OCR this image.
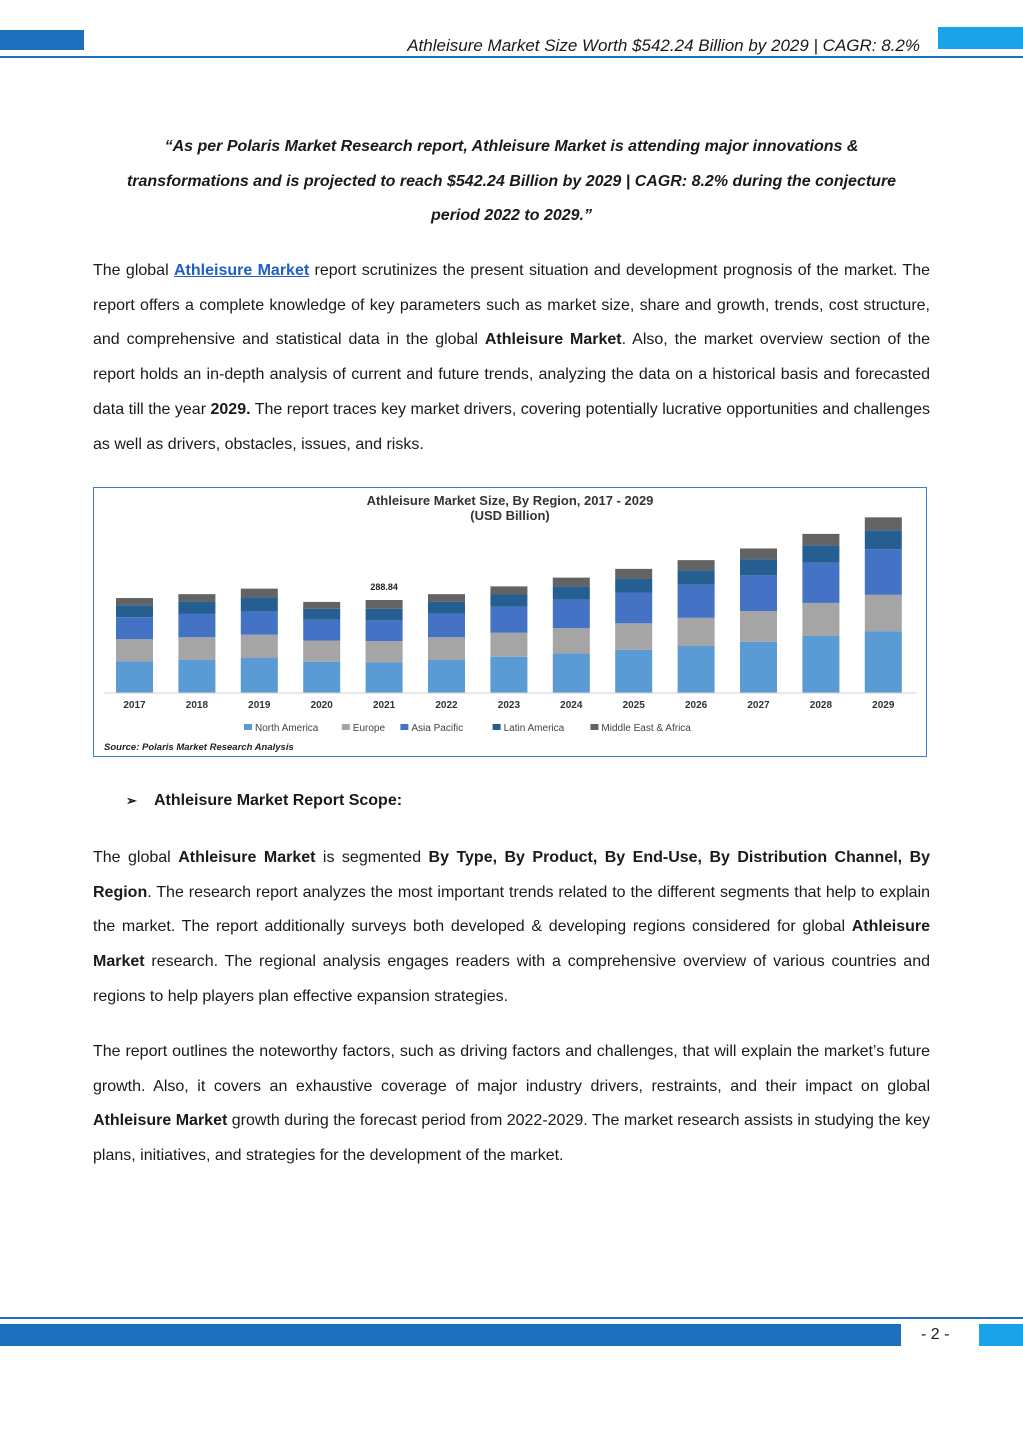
Athleisure Market Size Worth $542.24 Billion by 2029 | CAGR: 8.2%
“As per Polaris Market Research report, Athleisure Market is attending major innovations &
transformations and is projected to reach $542.24 Billion by 2029 | CAGR: 8.2% during the conjecture
period 2022 to 2029.”
The global Athleisure Market report scrutinizes the present situation and development prognosis of the market. The report offers a complete knowledge of key parameters such as market size, share and growth, trends, cost structure, and comprehensive and statistical data in the global Athleisure Market. Also, the market overview section of the report holds an in-depth analysis of current and future trends, analyzing the data on a historical basis and forecasted data till the year 2029. The report traces key market drivers, covering potentially lucrative opportunities and challenges as well as drivers, obstacles, issues, and risks.
Athleisure Market Size, By Region, 2017 - 2029
(USD Billion)
2017	2018	2019	2020	2021	2022	2023	2024	2025	2026	2027	2028	2029
288.84
North America	Europe	Asia Pacific	Latin America	Middle East & Africa
Source: Polaris Market Research Analysis
➢ Athleisure Market Report Scope:
The global Athleisure Market is segmented By Type, By Product, By End-Use, By Distribution Channel, By Region. The research report analyzes the most important trends related to the different segments that help to explain the market. The report additionally surveys both developed & developing regions considered for global Athleisure Market research. The regional analysis engages readers with a comprehensive overview of various countries and regions to help players plan effective expansion strategies.
The report outlines the noteworthy factors, such as driving factors and challenges, that will explain the market’s future growth. Also, it covers an exhaustive coverage of major industry drivers, restraints, and their impact on global Athleisure Market growth during the forecast period from 2022-2029. The market research assists in studying the key plans, initiatives, and strategies for the development of the market.
- 2 -
